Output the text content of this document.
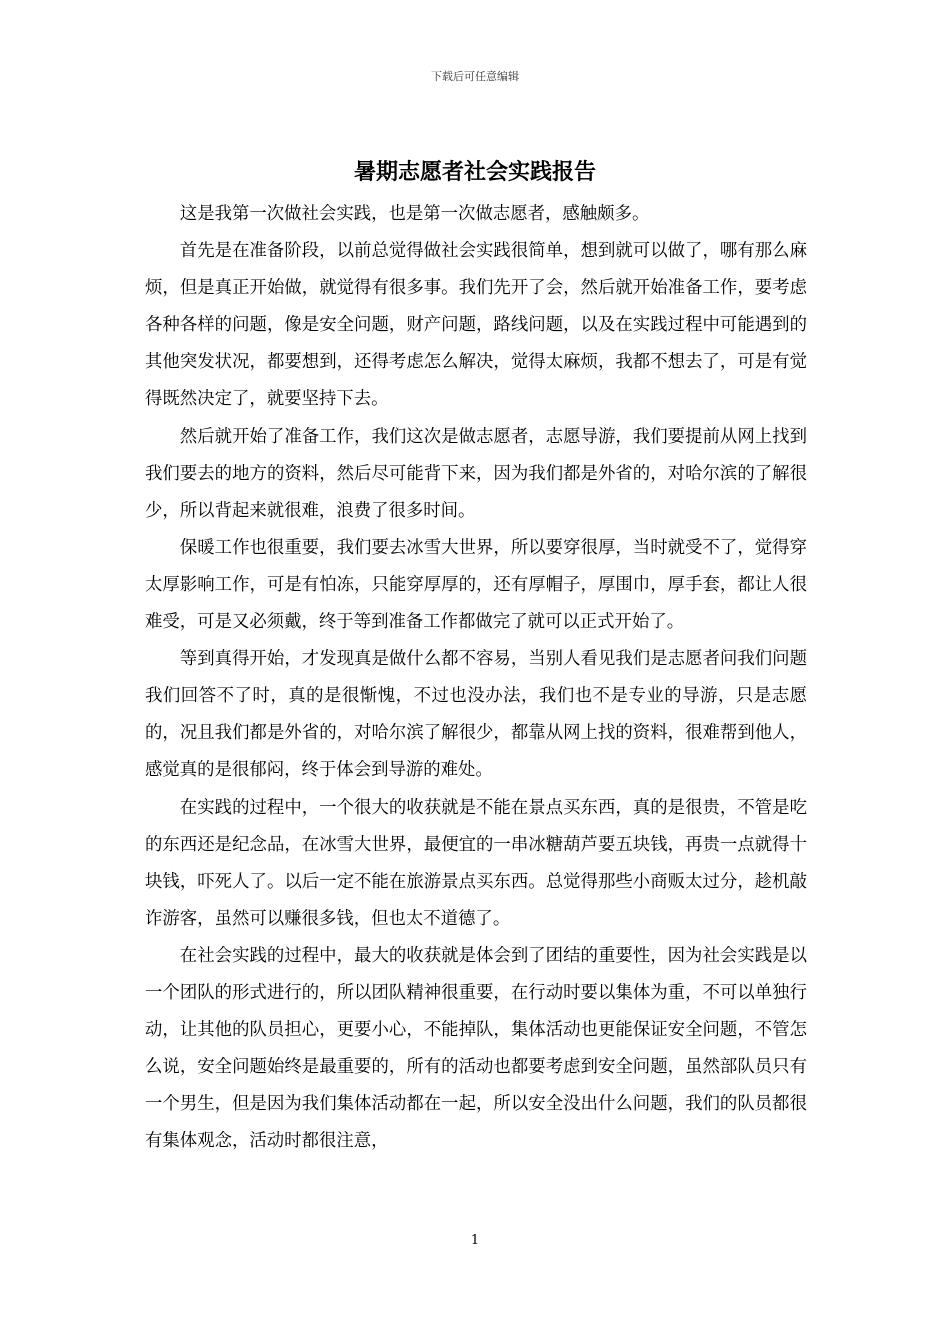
下载后可任意编辑
暑期志愿者社会实践报告

这是我第一次做社会实践，也是第一次做志愿者，感触颇多。

首先是在准备阶段，以前总觉得做社会实践很简单，想到就可以做了，哪有那么麻烦，但是真正开始做，就觉得有很多事。我们先开了会，然后就开始准备工作，要考虑各种各样的问题，像是安全问题，财产问题，路线问题，以及在实践过程中可能遇到的其他突发状况，都要想到，还得考虑怎么解决，觉得太麻烦，我都不想去了，可是有觉得既然决定了，就要坚持下去。

然后就开始了准备工作，我们这次是做志愿者，志愿导游，我们要提前从网上找到我们要去的地方的资料，然后尽可能背下来，因为我们都是外省的，对哈尔滨的了解很少，所以背起来就很难，浪费了很多时间。

保暖工作也很重要，我们要去冰雪大世界，所以要穿很厚，当时就受不了，觉得穿太厚影响工作，可是有怕冻，只能穿厚厚的，还有厚帽子，厚围巾，厚手套，都让人很难受，可是又必须戴，终于等到准备工作都做完了就可以正式开始了。

等到真得开始，才发现真是做什么都不容易，当别人看见我们是志愿者问我们问题我们回答不了时，真的是很惭愧，不过也没办法，我们也不是专业的导游，只是志愿的，况且我们都是外省的，对哈尔滨了解很少，都靠从网上找的资料，很难帮到他人，感觉真的是很郁闷，终于体会到导游的难处。

在实践的过程中，一个很大的收获就是不能在景点买东西，真的是很贵，不管是吃的东西还是纪念品，在冰雪大世界，最便宜的一串冰糖葫芦要五块钱，再贵一点就得十块钱，吓死人了。以后一定不能在旅游景点买东西。总觉得那些小商贩太过分，趁机敲诈游客，虽然可以赚很多钱，但也太不道德了。

在社会实践的过程中，最大的收获就是体会到了团结的重要性，因为社会实践是以一个团队的形式进行的，所以团队精神很重要，在行动时要以集体为重，不可以单独行动，让其他的队员担心，更要小心，不能掉队，集体活动也更能保证安全问题，不管怎么说，安全问题始终是最重要的，所有的活动也都要考虑到安全问题，虽然部队员只有一个男生，但是因为我们集体活动都在一起，所以安全没出什么问题，我们的队员都很有集体观念，活动时都很注意，

1
